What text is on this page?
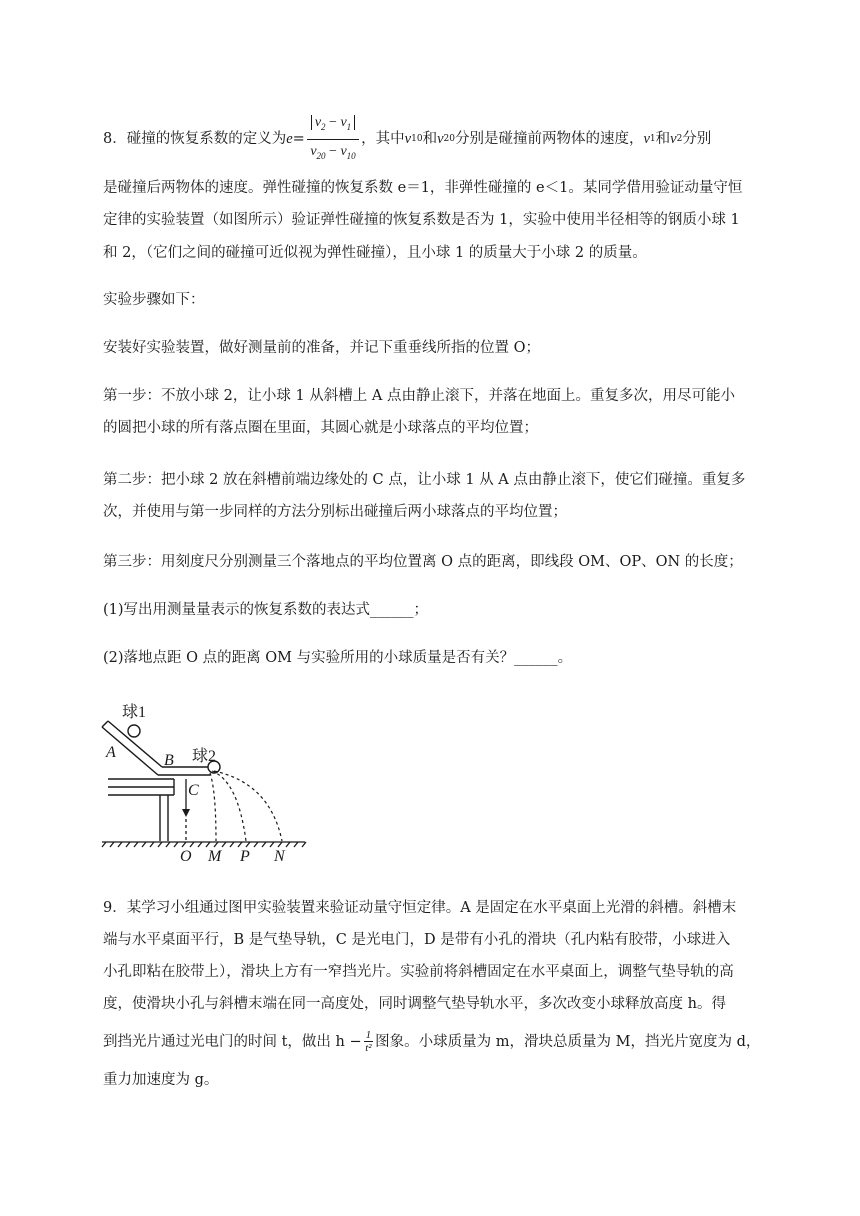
8．碰撞的恢复系数的定义为 $e = \frac{v_2 - v_1}{v_{20} - v_{10}}$ ，其中 v 10 和 v 20 分别是碰撞前两物体的速度， v 1 和 v 2 分别
是碰撞后两物体的速度。弹性碰撞的恢复系数 e＝1，非弹性碰撞的 e＜1。某同学借用验证动量守恒
定律的实验装置（如图所示）验证弹性碰撞的恢复系数是否为 1，实验中使用半径相等的钢质小球 1
和 2，（它们之间的碰撞可近似视为弹性碰撞），且小球 1 的质量大于小球 2 的质量。
实验步骤如下：
安装好实验装置，做好测量前的准备，并记下重垂线所指的位置 O；
第一步：不放小球 2，让小球 1 从斜槽上 A 点由静止滚下，并落在地面上。重复多次，用尽可能小
的圆把小球的所有落点圈在里面，其圆心就是小球落点的平均位置；
第二步：把小球 2 放在斜槽前端边缘处的 C 点，让小球 1 从 A 点由静止滚下，使它们碰撞。重复多
次，并使用与第一步同样的方法分别标出碰撞后两小球落点的平均位置；
第三步：用刻度尺分别测量三个落地点的平均位置离 O 点的距离，即线段 OM、OP、ON 的长度；
(1)写出用测量量表示的恢复系数的表达式______；
(2)落地点距 O 点的距离 OM 与实验所用的小球质量是否有关？______。
球1
球2
A	B
C
O M P N
9．某学习小组通过图甲实验装置来验证动量守恒定律。A 是固定在水平桌面上光滑的斜槽。斜槽末
端与水平桌面平行，B 是气垫导轨，C 是光电门，D 是带有小孔的滑块（孔内粘有胶带，小球进入
小孔即粘在胶带上），滑块上方有一窄挡光片。实验前将斜槽固定在水平桌面上，调整气垫导轨的高
度，使滑块小孔与斜槽末端在同一高度处，同时调整气垫导轨水平，多次改变小球释放高度 h。得
到挡光片通过光电门的时间 t，做出 $h - \frac{1}{\text{t²}}$ 图象。小球质量为 m，滑块总质量为 M，挡光片宽度为 d，
重力加速度为 g。
